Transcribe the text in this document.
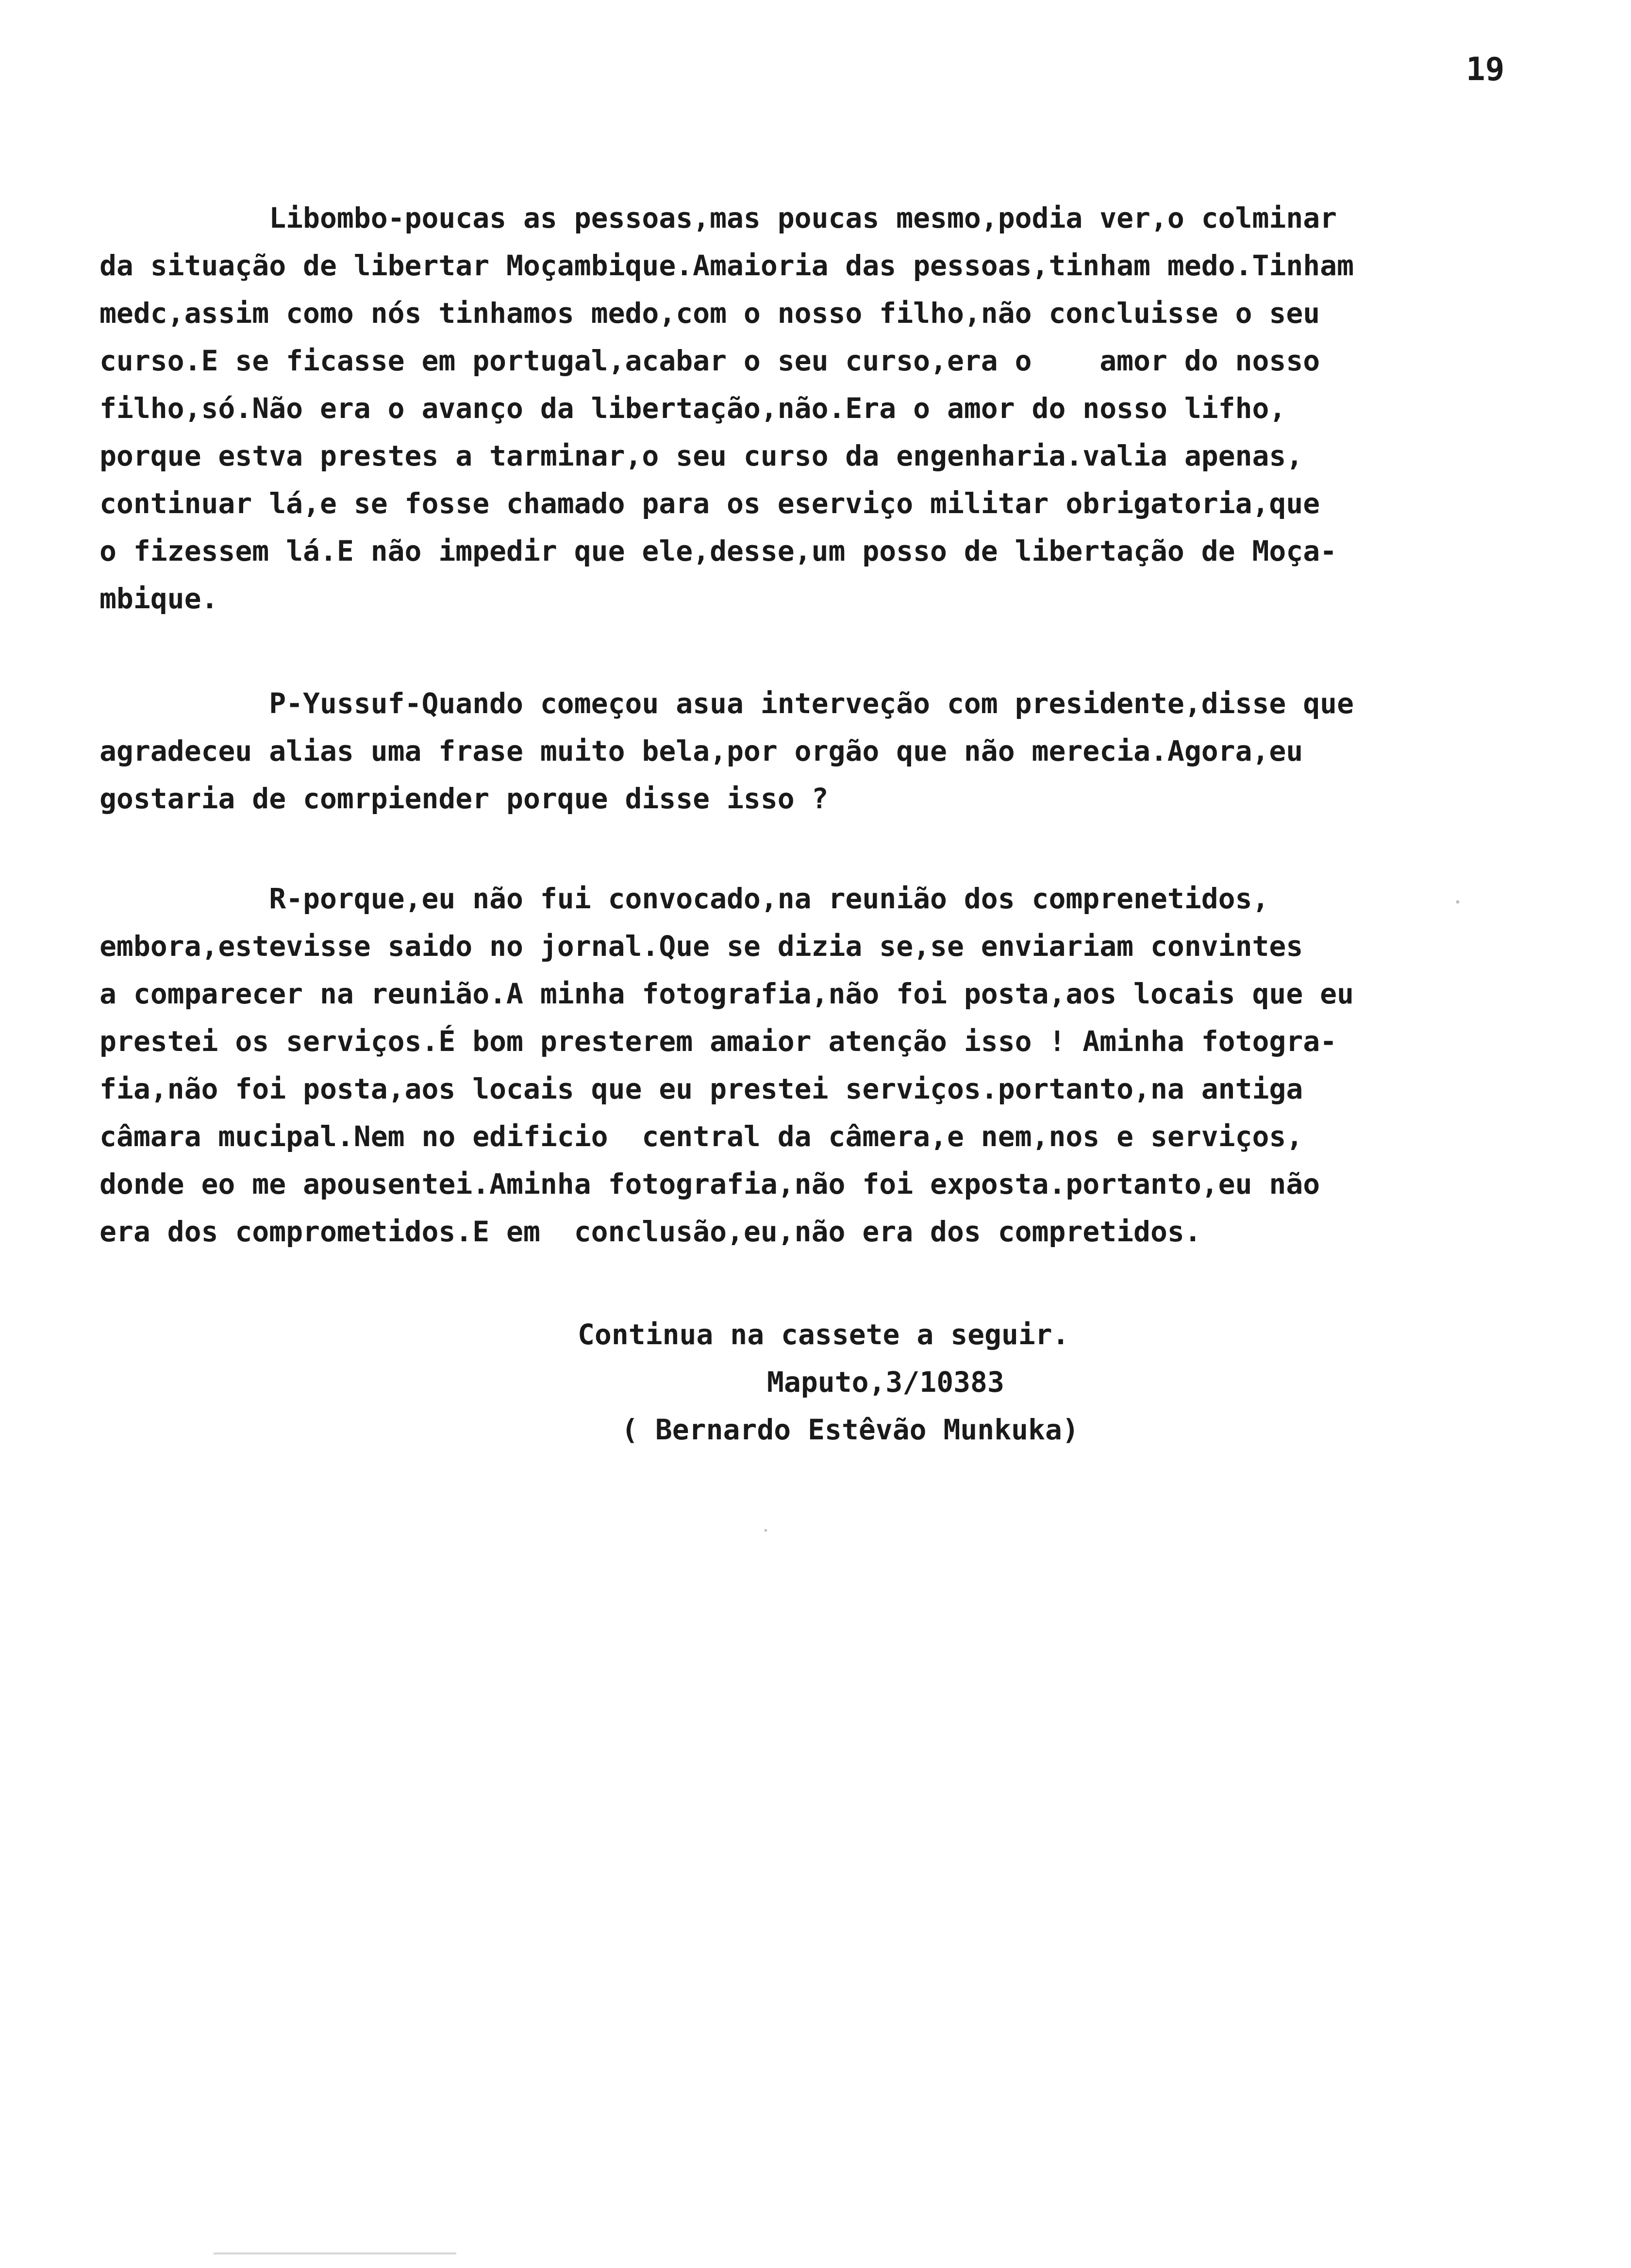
19
Libombo-poucas as pessoas,mas poucas mesmo,podia ver,o colminar
da situação de libertar Moçambique.Amaioria das pessoas,tinham medo.Tinham
medc,assim como nós tinhamos medo,com o nosso filho,não concluisse o seu
curso.E se ficasse em portugal,acabar o seu curso,era o    amor do nosso
filho,só.Não era o avanço da libertação,não.Era o amor do nosso lifho,
porque estva prestes a tarminar,o seu curso da engenharia.valia apenas,
continuar lá,e se fosse chamado para os eserviço militar obrigatoria,que
o fizessem lá.E não impedir que ele,desse,um posso de libertação de Moça-
mbique.
P-Yussuf-Quando começou asua interveção com presidente,disse que
agradeceu alias uma frase muito bela,por orgão que não merecia.Agora,eu
gostaria de comrpiender porque disse isso ?
R-porque,eu não fui convocado,na reunião dos comprenetidos,
embora,estevisse saido no jornal.Que se dizia se,se enviariam convintes
a comparecer na reunião.A minha fotografia,não foi posta,aos locais que eu
prestei os serviços.É bom presterem amaior atenção isso ! Aminha fotogra-
fia,não foi posta,aos locais que eu prestei serviços.portanto,na antiga
câmara mucipal.Nem no edificio  central da câmera,e nem,nos e serviços,
donde eo me apousentei.Aminha fotografia,não foi exposta.portanto,eu não
era dos comprometidos.E em  conclusão,eu,não era dos compretidos.
Continua na cassete a seguir.
Maputo,3/10383
( Bernardo Estêvão Munkuka)
